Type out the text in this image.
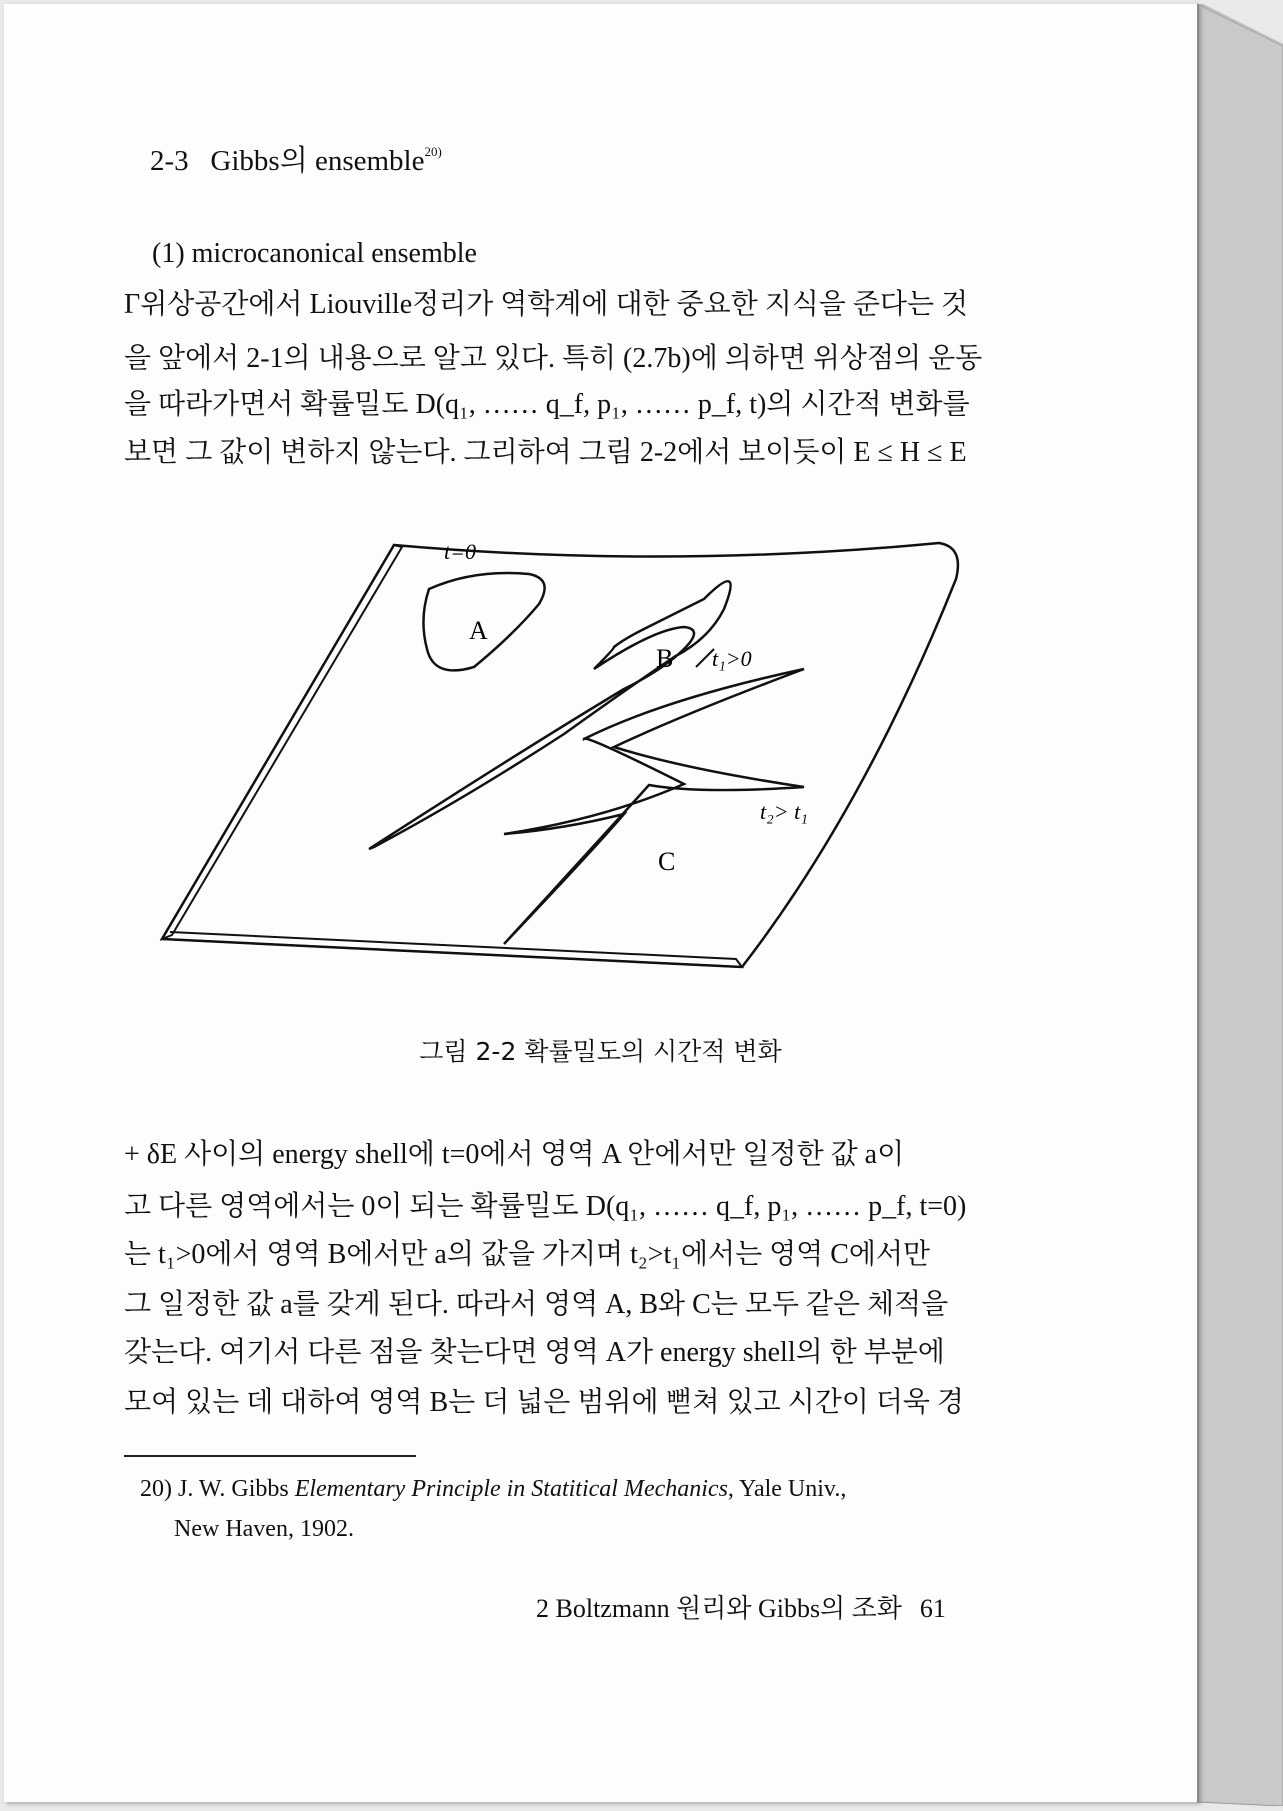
2-3 Gibbs의 ensemble$^{20)}$
(1) microcanonical ensemble
Γ위상공간에서 Liouville정리가 역학계에 대한 중요한 지식을 준다는 것
을 앞에서 2-1의 내용으로 알고 있다. 특히 (2.7b)에 의하면 위상점의 운동
을 따라가면서 확률밀도 D(q₁, …… q_f, p₁, …… p_f, t)의 시간적 변화를
보면 그 값이 변하지 않는다. 그리하여 그림 2-2에서 보이듯이 E ≤ H ≤ E
t=0
A
B t₁>0
t₂> t₁
C
그림 2-2 확률밀도의 시간적 변화
+ δE 사이의 energy shell에 t=0에서 영역 A 안에서만 일정한 값 a이
고 다른 영역에서는 0이 되는 확률밀도 D(q₁, …… q_f, p₁, …… p_f, t=0)
는 t₁>0에서 영역 B에서만 a의 값을 가지며 t₂>t₁에서는 영역 C에서만
그 일정한 값 a를 갖게 된다. 따라서 영역 A, B와 C는 모두 같은 체적을
갖는다. 여기서 다른 점을 찾는다면 영역 A가 energy shell의 한 부분에
모여 있는 데 대하여 영역 B는 더 넓은 범위에 뻗쳐 있고 시간이 더욱 경
20) J. W. Gibbs Elementary Principle in Statitical Mechanics, Yale Univ.,
New Haven, 1902.
2 Boltzmann 원리와 Gibbs의 조화 61
